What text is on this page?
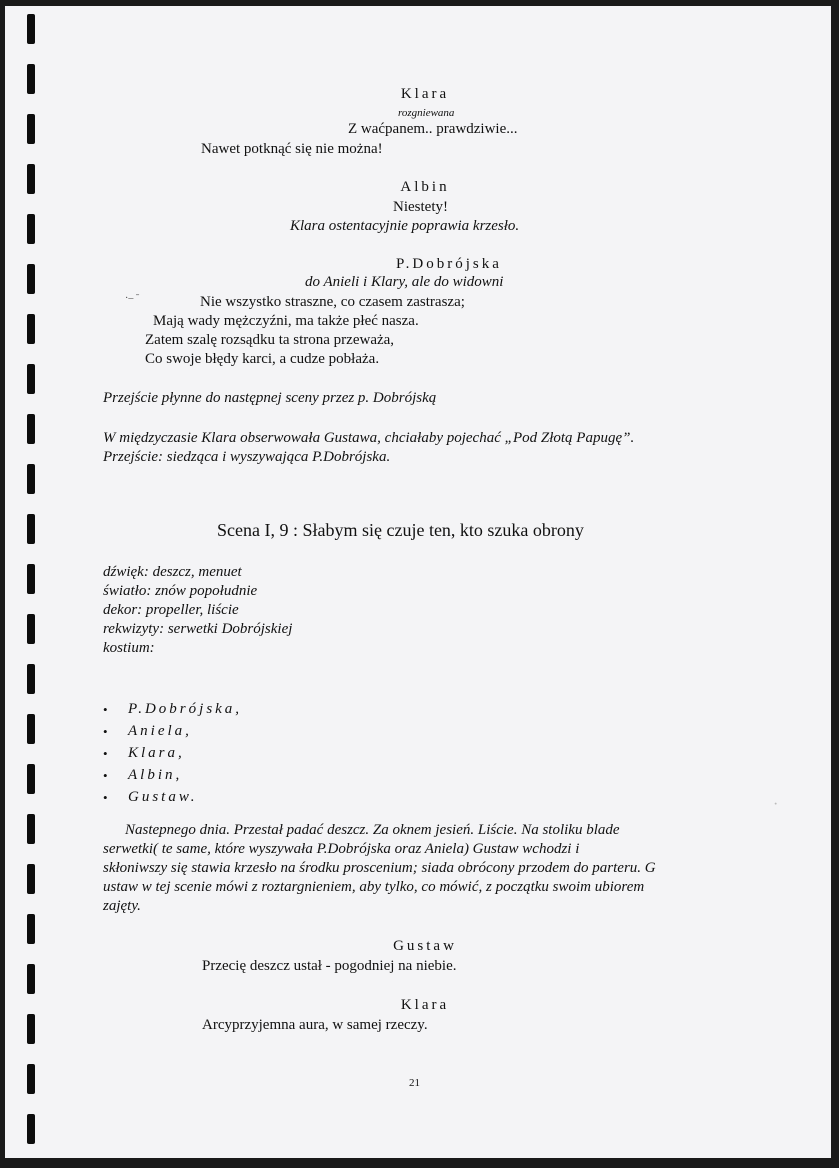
Klara
rozgniewana
Z waćpanem.. prawdziwie...
Nawet potknąć się nie można!
Albin
Niestety!
Klara ostentacyjnie poprawia krzesło.
P.Dobrójska
do Anieli i Klary, ale do widowni
·– ˉ	Nie wszystko straszne, co czasem zastrasza;
Mają wady mężczyźni, ma także płeć nasza.
Zatem szalę rozsądku ta strona przeważa,
Co swoje błędy karci, a cudze pobłaża.
Przejście płynne do następnej sceny przez p. Dobrójską
W międzyczasie Klara obserwowała Gustawa, chciałaby pojechać „Pod Złotą Papugę”.
Przejście: siedząca i wyszywająca P.Dobrójska.
Scena I, 9 : Słabym się czuje ten, kto szuka obrony
dźwięk: deszcz, menuet
światło: znów popołudnie
dekor: propeller, liście
rekwizyty: serwetki Dobrójskiej
kostium:
• P.Dobrójska,
• Aniela,
• Klara,
• Albin,
• Gustaw.
Nastepnego dnia. Przestał padać deszcz. Za oknem jesień. Liście. Na stoliku blade
serwetki( te same, które wyszywała P.Dobrójska oraz Aniela) Gustaw wchodzi i
skłoniwszy się stawia krzesło na środku proscenium; siada obrócony przodem do parteru. G
ustaw w tej scenie mówi z roztargnieniem, aby tylko, co mówić, z początku swoim ubiorem
zajęty.
Gustaw
Przecię deszcz ustał - pogodniej na niebie.
Klara
Arcyprzyjemna aura, w samej rzeczy.
21
·
